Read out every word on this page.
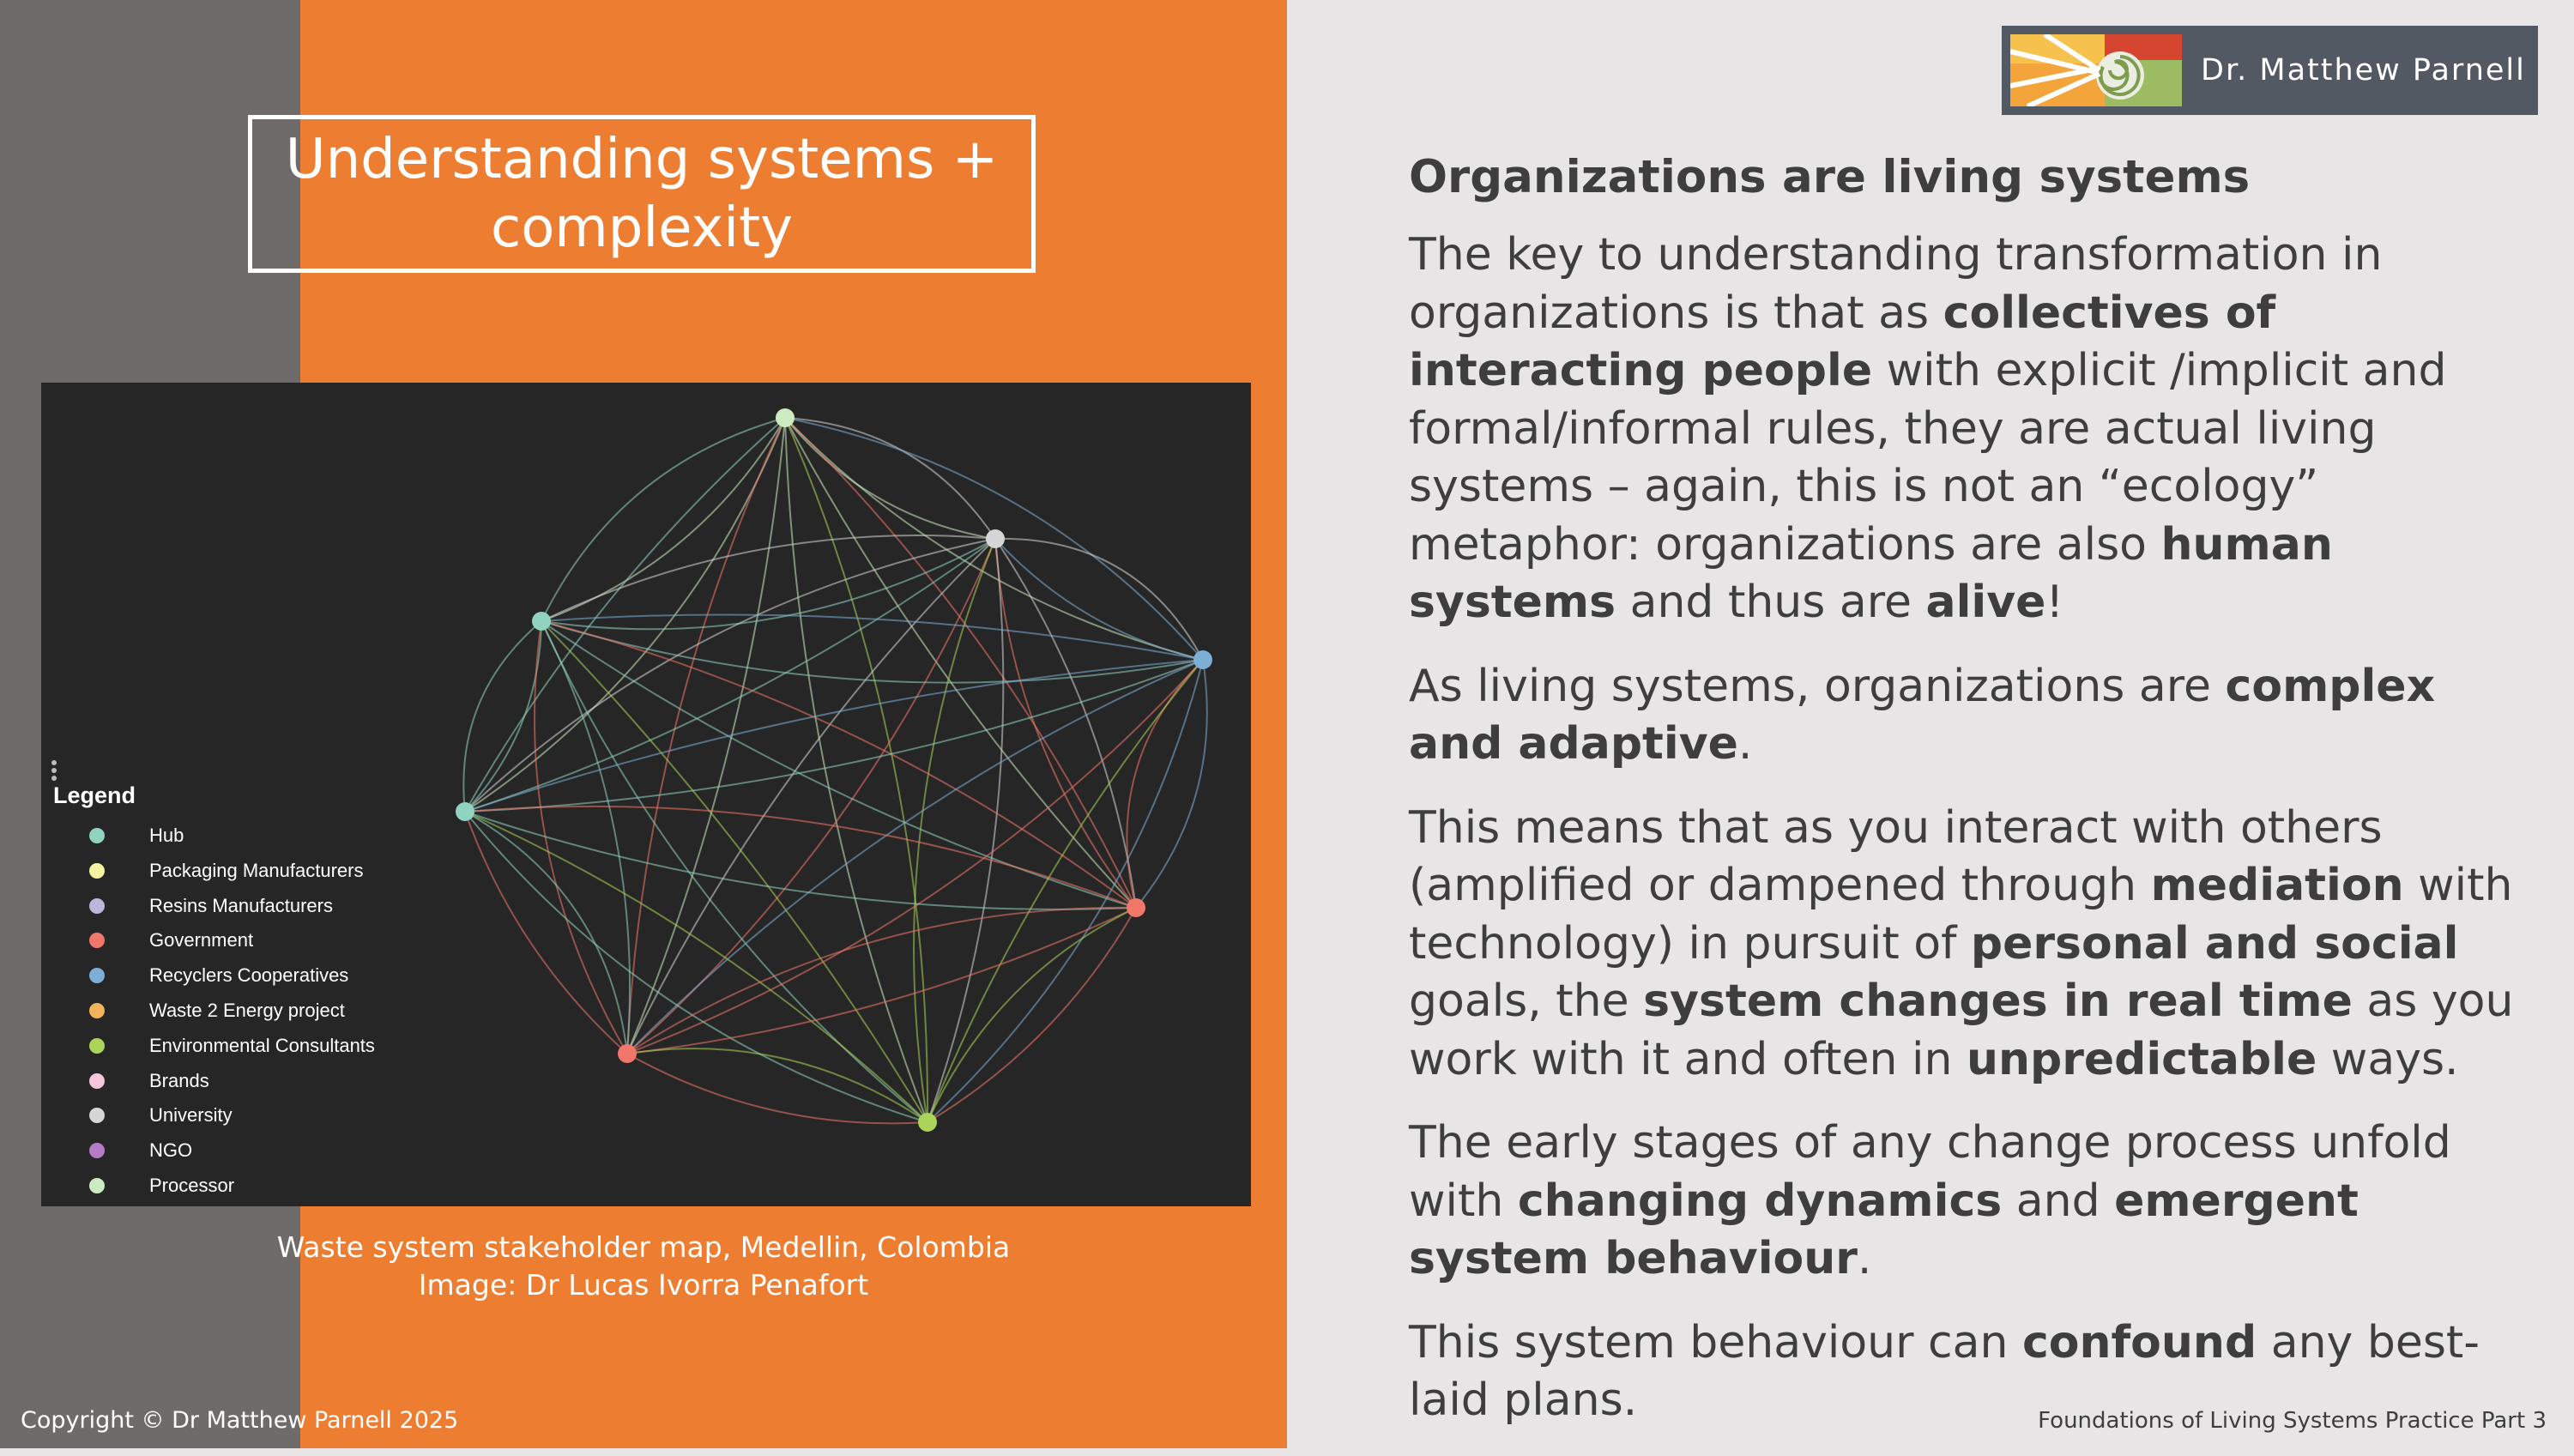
Understanding systems +
complexity
Legend
Hub
Packaging Manufacturers
Resins Manufacturers
Government
Recyclers Cooperatives
Waste 2 Energy project
Environmental Consultants
Brands
University
NGO
Processor
Waste system stakeholder map, Medellin, Colombia
Image: Dr Lucas Ivorra Penafort
Copyright © Dr Matthew Parnell 2025
Dr. Matthew Parnell
Organizations are living systems

The key to understanding transformation in organizations is that as collectives of interacting people with explicit /implicit and formal/informal rules, they are actual living systems – again, this is not an “ecology” metaphor: organizations are also human systems and thus are alive!

As living systems, organizations are complex and adaptive.

This means that as you interact with others (amplified or dampened through mediation with technology) in pursuit of personal and social goals, the system changes in real time as you work with it and often in unpredictable ways.

The early stages of any change process unfold with changing dynamics and emergent system behaviour.

This system behaviour can confound any best-laid plans.	Foundations of Living Systems Practice Part 3
